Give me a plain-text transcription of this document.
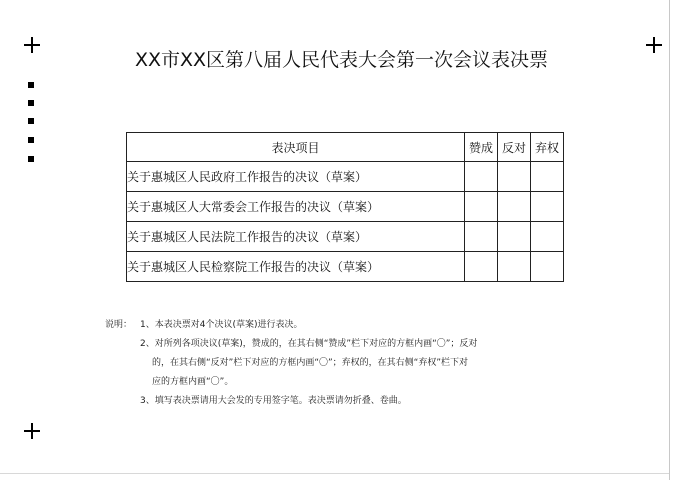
XX市XX区第八届人民代表大会第一次会议表决票
表决项目	赞成	反对	弃权
关于惠城区人民政府工作报告的决议（草案）			
关于惠城区人大常委会工作报告的决议（草案）			
关于惠城区人民法院工作报告的决议（草案）			
关于惠城区人民检察院工作报告的决议（草案）			
说明： 1、本表决票对4个决议(草案)进行表决。
2、对所列各项决议(草案)，赞成的，在其右侧“赞成”栏下对应的方框内画“〇”；反对
的，在其右侧“反对”栏下对应的方框内画“〇”；弃权的，在其右侧“弃权”栏下对
应的方框内画“〇”。
3、填写表决票请用大会发的专用签字笔。表决票请勿折叠、卷曲。
